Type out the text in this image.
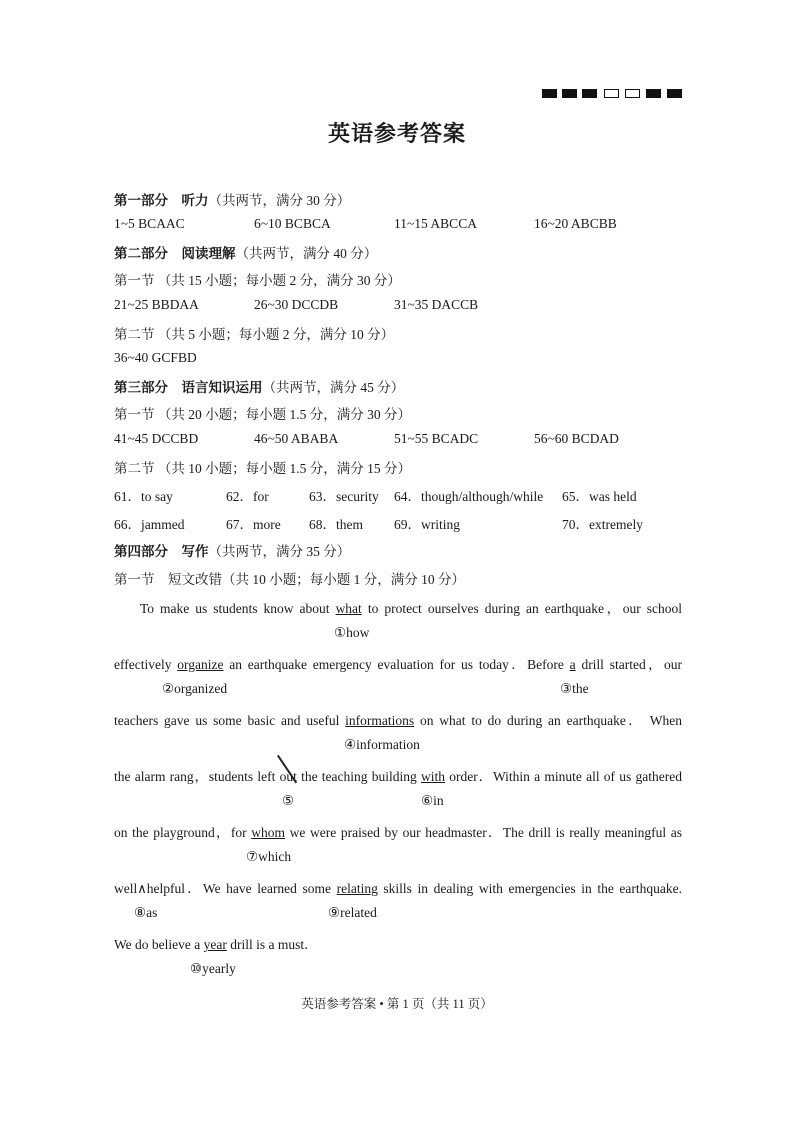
英语参考答案
第一部分 听力（共两节，满分 30 分）
1~5 BCAAC	6~10 BCBCA	11~15 ABCCA	16~20 ABCBB
第二部分 阅读理解（共两节，满分 40 分）
第一节 （共 15 小题；每小题 2 分，满分 30 分）
21~25 BBDAA	26~30 DCCDB	31~35 DACCB
第二节 （共 5 小题；每小题 2 分，满分 10 分）
36~40 GCFBD
第三部分 语言知识运用（共两节，满分 45 分）
第一节 （共 20 小题；每小题 1.5 分，满分 30 分）
41~45 DCCBD	46~50 ABABA	51~55 BCADC	56~60 BCDAD
第二节 （共 10 小题；每小题 1.5 分，满分 15 分）
61．to say	62．for	63．security 64．though/although/while 65．was held
66．jammed	67．more 68．them 69．writing	70．extremely
第四部分 写作（共两节，满分 35 分）
第一节　短文改错（共 10 小题；每小题 1 分，满分 10 分）
To make us students know about what to protect ourselves during an earthquake，our school
①how
effectively organize an earthquake emergency evaluation for us today．Before a drill started，our
②organized	③the
teachers gave us some basic and useful informations on what to do during an earthquake． When
④information
the alarm rang，students left out the teaching building with order．Within a minute all of us gathered
⑤	⑥in
on the playground，for whom we were praised by our headmaster．The drill is really meaningful as
⑦which
well∧helpful．We have learned some relating skills in dealing with emergencies in the earthquake.
⑧as	⑨related
We do believe a year drill is a must．
⑩yearly
英语参考答案 • 第 1 页（共 11 页）
